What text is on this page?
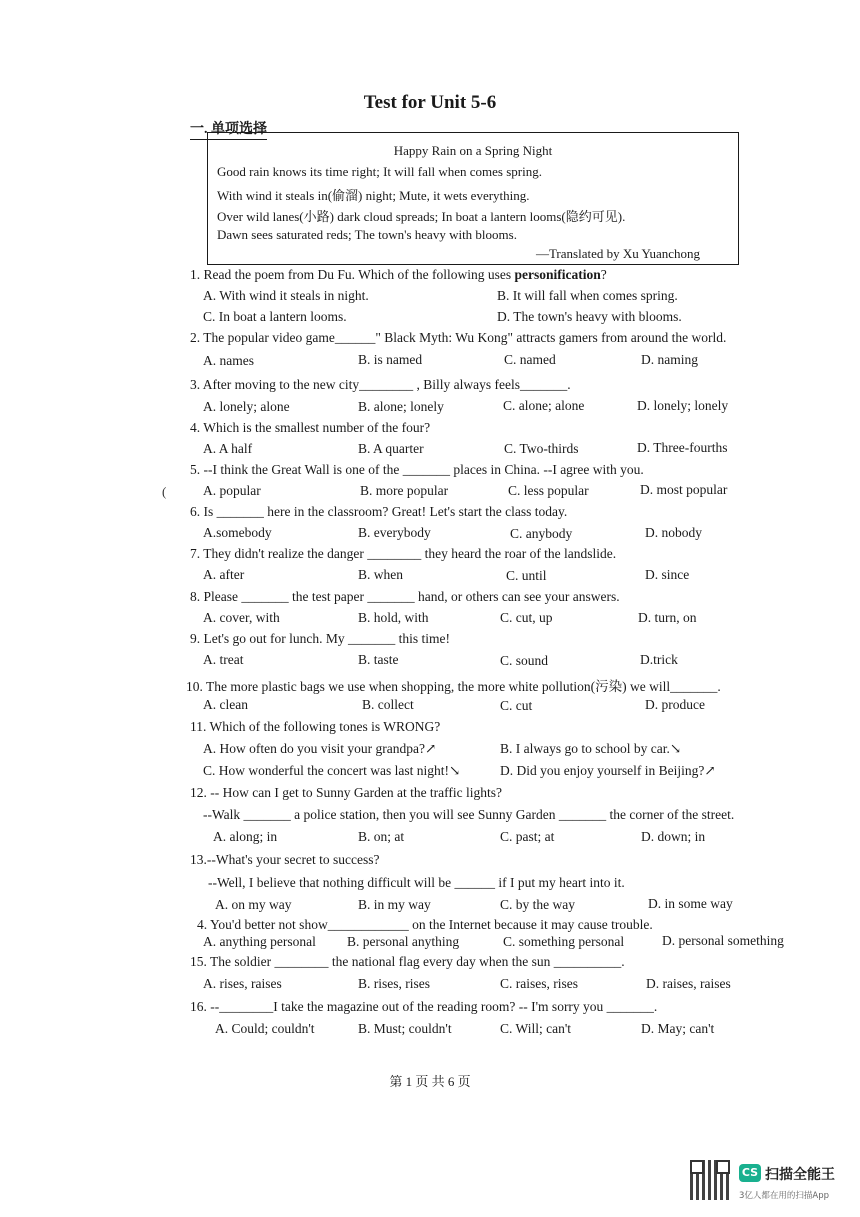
Test for Unit 5-6
一. 单项选择
Happy Rain on a Spring Night
Good rain knows its time right; It will fall when comes spring.
With wind it steals in(偷溜) night; Mute, it wets everything.
Over wild lanes(小路) dark cloud spreads; In boat a lantern looms(隐约可见).
Dawn sees saturated reds; The town's heavy with blooms.
—Translated by Xu Yuanchong
1. Read the poem from Du Fu. Which of the following uses personification?
A. With wind it steals in night.	B. It will fall when comes spring.
C. In boat a lantern looms.	D. The town's heavy with blooms.
2. The popular video game______" Black Myth: Wu Kong" attracts gamers from around the world.
A. names	B. is named	C. named	D. naming
3. After moving to the new city________ , Billy always feels_______.
A. lonely; alone	B. alone; lonely	C. alone; alone	D. lonely; lonely
4. Which is the smallest number of the four?
A. A half	B. A quarter	C. Two-thirds	D. Three-fourths
5. --I think the Great Wall is one of the _______ places in China. --I agree with you.
(	A. popular	B. more popular	C. less popular	D. most popular
6. Is _______ here in the classroom? Great! Let's start the class today.
A.somebody	B. everybody	C. anybody	D. nobody
7. They didn't realize the danger ________ they heard the roar of the landslide.
A. after	B. when	C. until	D. since
8. Please _______ the test paper _______ hand, or others can see your answers.
A. cover, with	B. hold, with	C. cut, up	D. turn, on
9. Let's go out for lunch. My _______ this time!
A. treat	B. taste	C. sound	D.trick
10. The more plastic bags we use when shopping, the more white pollution(污染) we will_______.
A. clean	B. collect	C. cut	D. produce
11. Which of the following tones is WRONG?
A. How often do you visit your grandpa?↗	B. I always go to school by car.↘
C. How wonderful the concert was last night!↘	D. Did you enjoy yourself in Beijing?↗
12. -- How can I get to Sunny Garden at the traffic lights?
--Walk _______ a police station, then you will see Sunny Garden _______ the corner of the street.
A. along; in	B. on; at	C. past; at	D. down; in
13.--What's your secret to success?
--Well, I believe that nothing difficult will be ______ if I put my heart into it.
A. on my way	B. in my way	C. by the way	D. in some way
4. You'd better not show____________ on the Internet because it may cause trouble.
A. anything personal B. personal anything	C. something personal	D. personal something
15. The soldier ________ the national flag every day when the sun __________.
A. rises, raises	B. rises, rises	C. raises, rises	D. raises, raises
16. --________I take the magazine out of the reading room? -- I'm sorry you _______.
A. Could; couldn't	B. Must; couldn't	C. Will; can't	D. May; can't
第 1 页 共 6 页
CS 扫描全能王
3亿人都在用的扫描App
